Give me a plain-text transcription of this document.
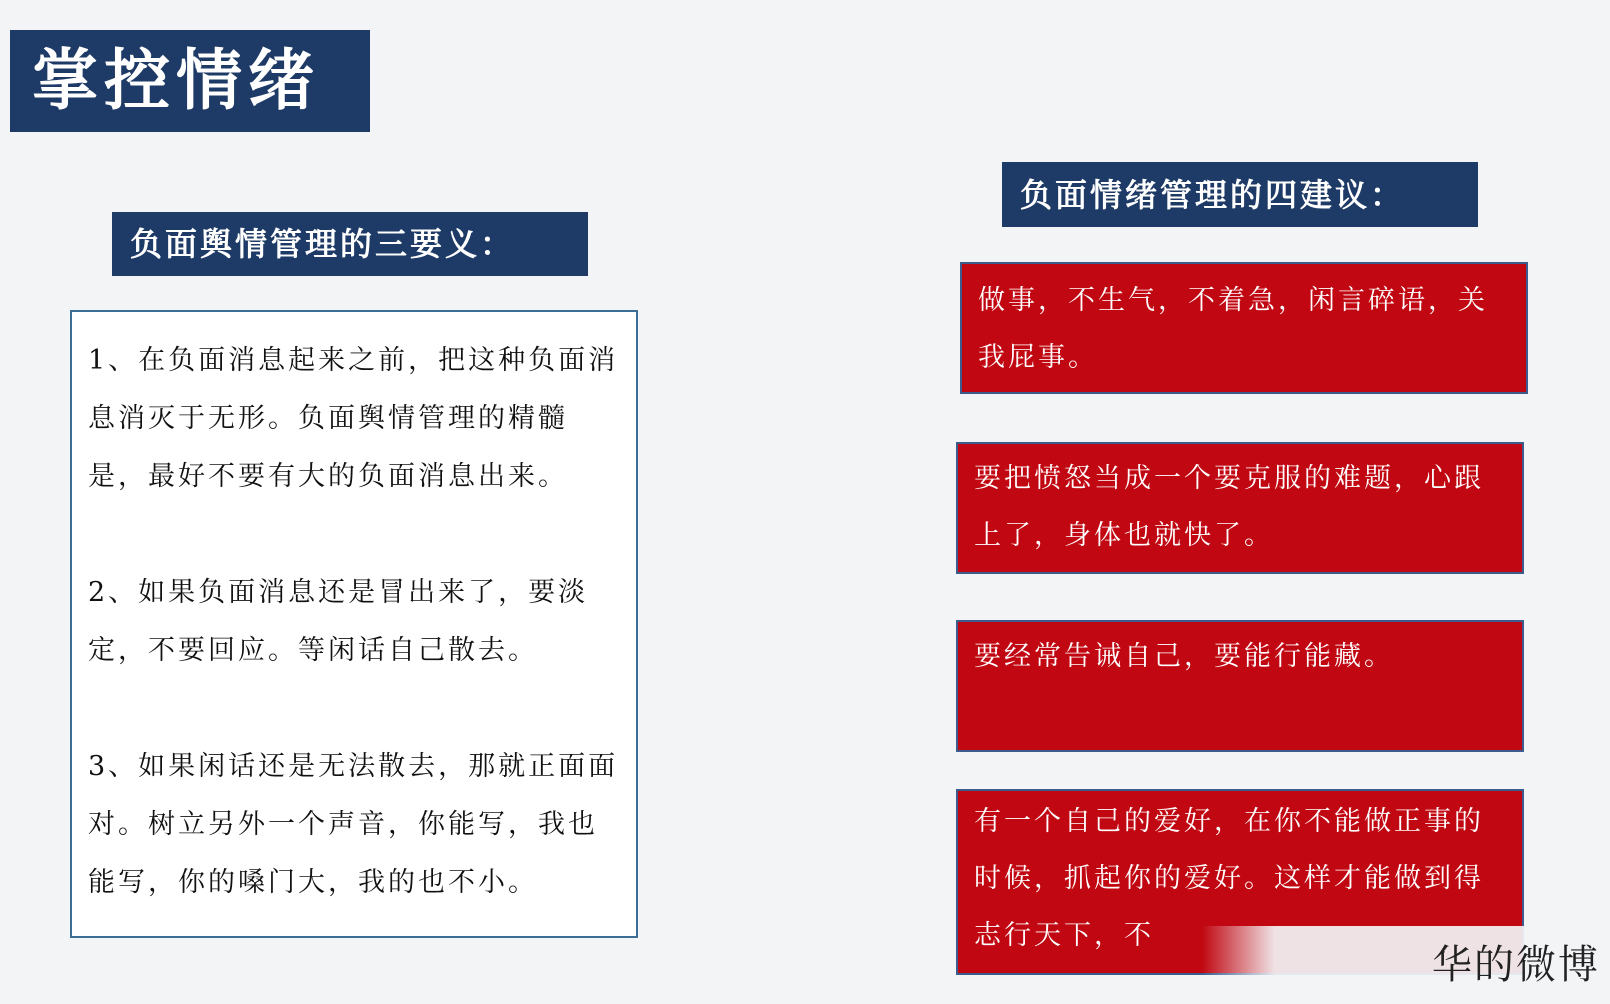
掌控情绪
负面舆情管理的三要义：

1、在负面消息起来之前，把这种负面消息消灭于无形。负面舆情管理的精髓是，最好不要有大的负面消息出来。

2、如果负面消息还是冒出来了，要淡定，不要回应。等闲话自己散去。

3、如果闲话还是无法散去，那就正面面对。树立另外一个声音，你能写，我也能写，你的嗓门大，我的也不小。

负面情绪管理的四建议：
做事，不生气，不着急，闲言碎语，关我屁事。
要把愤怒当成一个要克服的难题，心跟上了，身体也就快了。
要经常告诫自己，要能行能藏。
有一个自己的爱好，在你不能做正事的时候，抓起你的爱好。这样才能做到得志行天下，不
华的微博
